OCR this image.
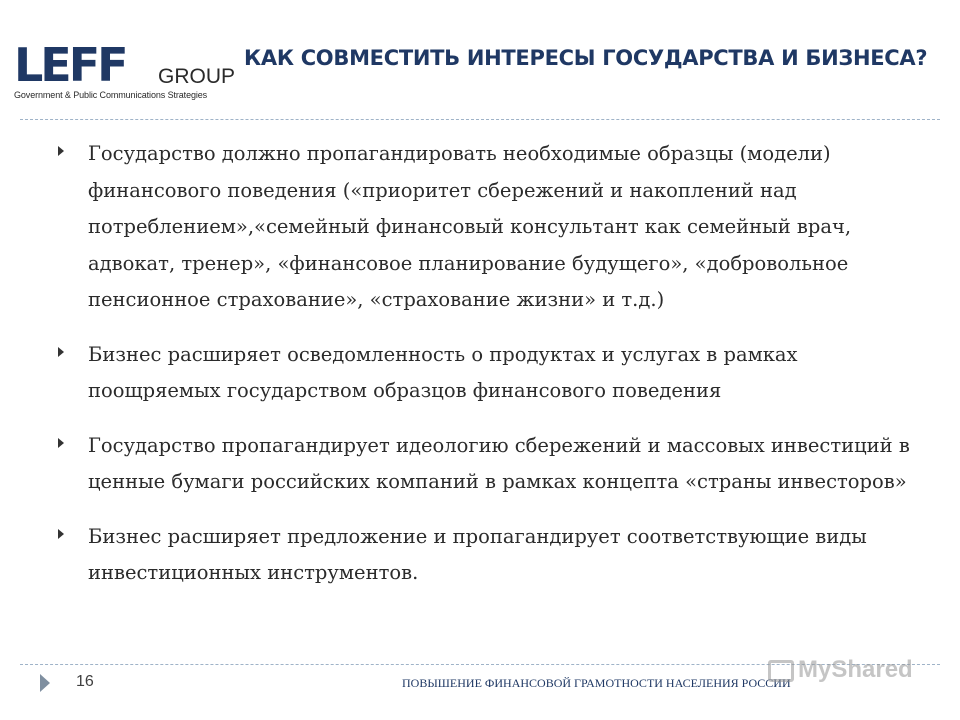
LEFF GROUP
Government & Public Communications Strategies
КАК СОВМЕСТИТЬ ИНТЕРЕСЫ ГОСУДАРСТВА И БИЗНЕСА?
Государство должно пропагандировать необходимые образцы (модели) финансового поведения («приоритет сбережений и накоплений над потреблением»,«семейный финансовый консультант как семейный врач, адвокат, тренер», «финансовое планирование будущего», «добровольное пенсионное страхование», «страхование жизни» и т.д.)
Бизнес расширяет осведомленность о продуктах и услугах в рамках поощряемых государством образцов финансового поведения
Государство пропагандирует идеологию сбережений и массовых инвестиций в ценные бумаги российских компаний в рамках концепта «страны инвесторов»
Бизнес расширяет предложение и пропагандирует соответствующие виды инвестиционных инструментов.
16	ПОВЫШЕНИЕ ФИНАНСОВОЙ ГРАМОТНОСТИ НАСЕЛЕНИЯ РОССИИ MyShared
